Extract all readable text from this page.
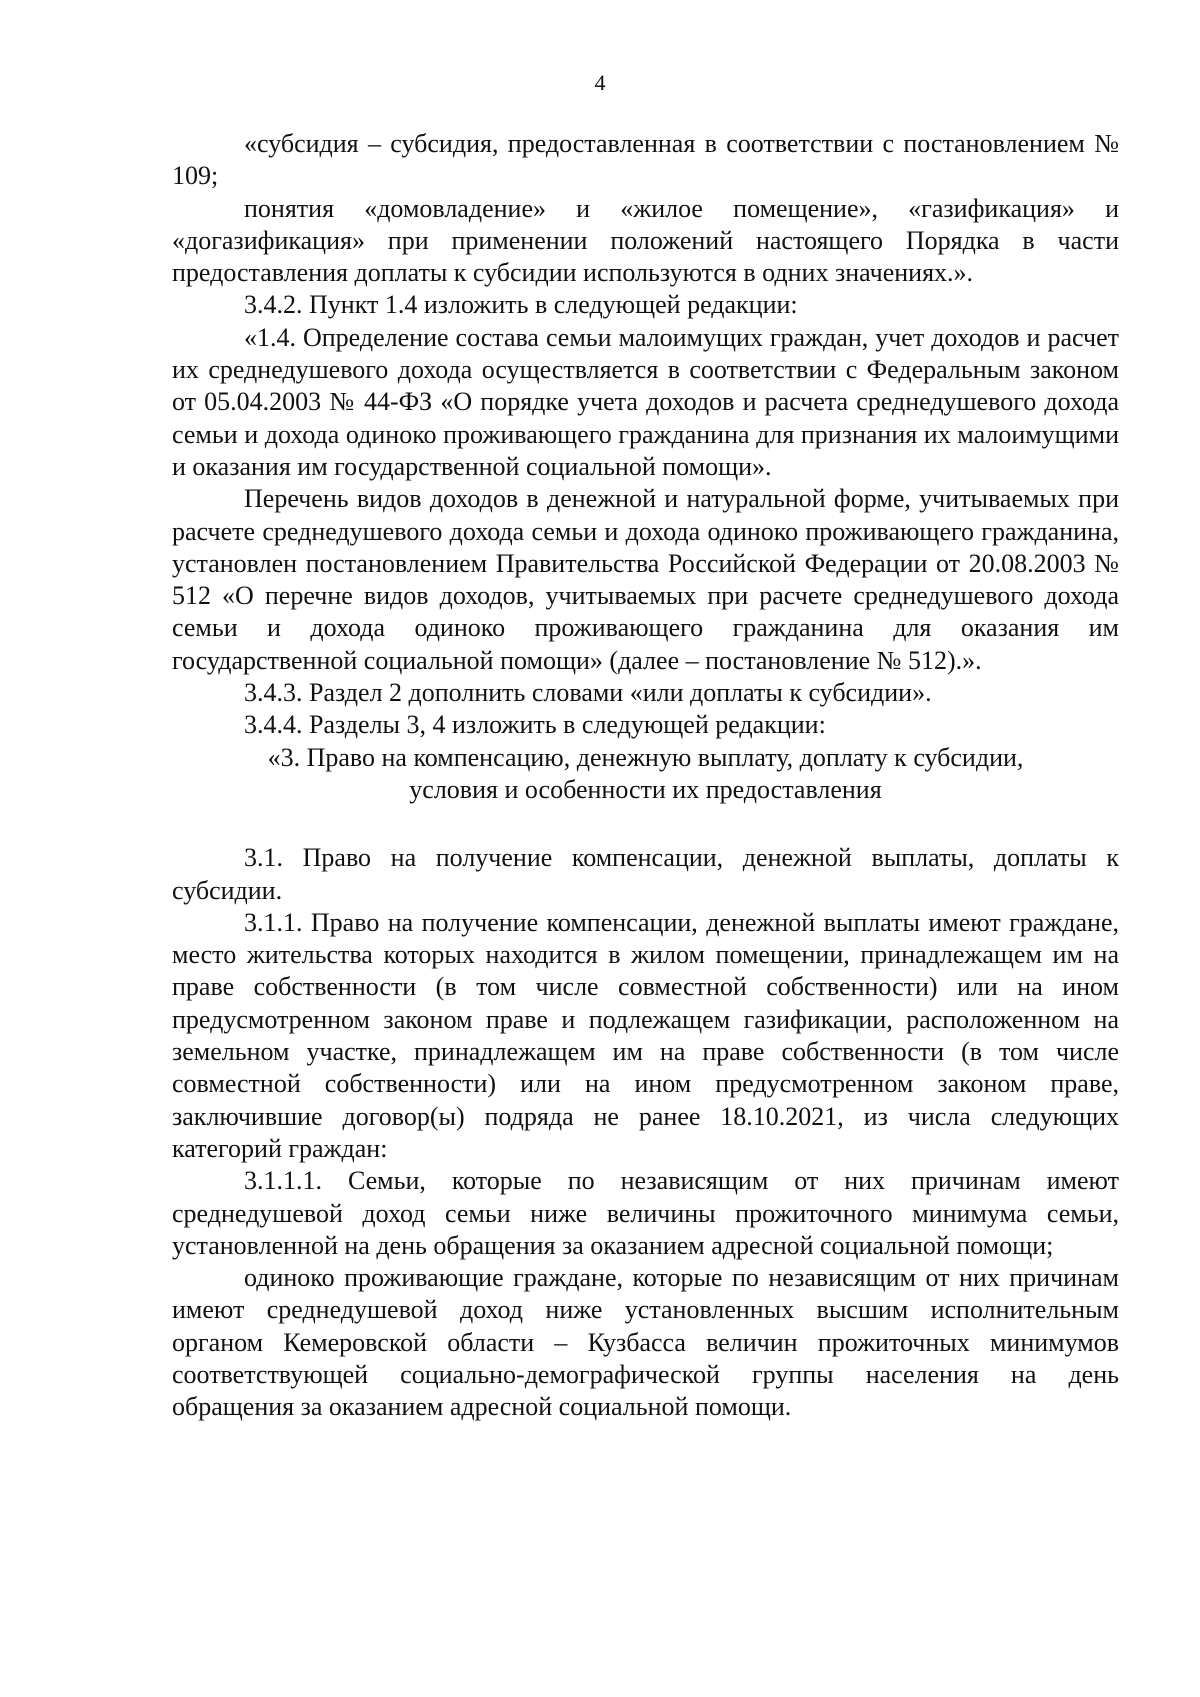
4

«субсидия – субсидия, предоставленная в соответствии с постановлением № 109;

понятия «домовладение» и «жилое помещение», «газификация» и «догазификация» при применении положений настоящего Порядка в части предоставления доплаты к субсидии используются в одних значениях.».

3.4.2. Пункт 1.4 изложить в следующей редакции:

«1.4. Определение состава семьи малоимущих граждан, учет доходов и расчет их среднедушевого дохода осуществляется в соответствии с Федеральным законом от 05.04.2003 № 44-ФЗ «О порядке учета доходов и расчета среднедушевого дохода семьи и дохода одиноко проживающего гражданина для признания их малоимущими и оказания им государственной социальной помощи».

Перечень видов доходов в денежной и натуральной форме, учитываемых при расчете среднедушевого дохода семьи и дохода одиноко проживающего гражданина, установлен постановлением Правительства Российской Федерации от 20.08.2003 № 512 «О перечне видов доходов, учитываемых при расчете среднедушевого дохода семьи и дохода одиноко проживающего гражданина для оказания им государственной социальной помощи» (далее – постановление № 512).».

3.4.3. Раздел 2 дополнить словами «или доплаты к субсидии».

3.4.4. Разделы 3, 4 изложить в следующей редакции:

«3. Право на компенсацию, денежную выплату, доплату к субсидии,

условия и особенности их предоставления

3.1. Право на получение компенсации, денежной выплаты, доплаты к субсидии.

3.1.1. Право на получение компенсации, денежной выплаты имеют граждане, место жительства которых находится в жилом помещении, принадлежащем им на праве собственности (в том числе совместной собственности) или на ином предусмотренном законом праве и подлежащем газификации, расположенном на земельном участке, принадлежащем им на праве собственности (в том числе совместной собственности) или на ином предусмотренном законом праве, заключившие договор(ы) подряда не ранее 18.10.2021, из числа следующих категорий граждан:

3.1.1.1. Семьи, которые по независящим от них причинам имеют среднедушевой доход семьи ниже величины прожиточного минимума семьи, установленной на день обращения за оказанием адресной социальной помощи;

одиноко проживающие граждане, которые по независящим от них причинам имеют среднедушевой доход ниже установленных высшим исполнительным органом Кемеровской области – Кузбасса величин прожиточных минимумов соответствующей социально-демографической группы населения на день обращения за оказанием адресной социальной помощи.
